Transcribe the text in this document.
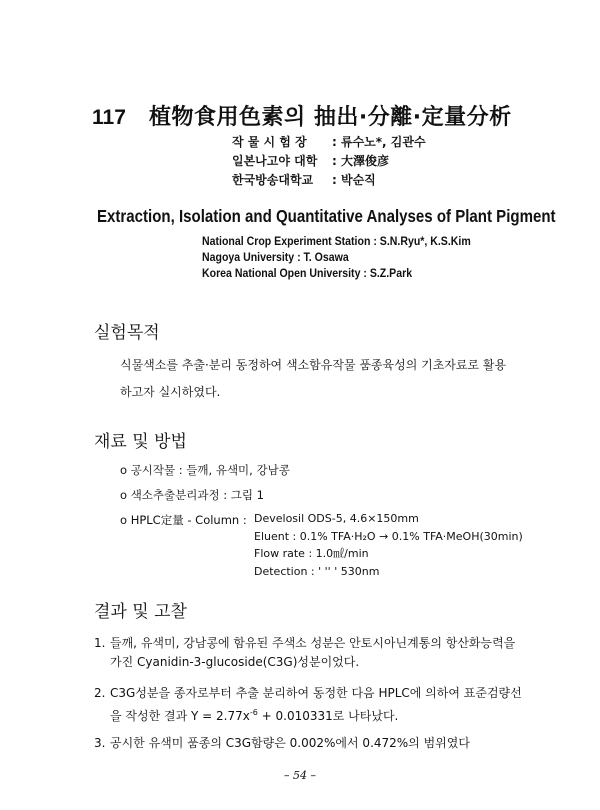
117 植物食用色素의 抽出·分離·定量分析
작 물 시 험 장	: 류수노*, 김관수
일본나고야 대학	: 大澤俊彦
한국방송대학교	: 박순직
Extraction, Isolation and Quantitative Analyses of Plant Pigment
National Crop Experiment Station : S.N.Ryu*, K.S.Kim
Nagoya University : T. Osawa
Korea National Open University : S.Z.Park
실험목적
식물색소를 추출·분리 동정하여 색소함유작물 품종육성의 기초자료로 활용
하고자 실시하였다.
재료 및 방법
o 공시작물 : 들깨, 유색미, 강남콩
o 색소추출분리과정 : 그림 1
o HPLC定量 - Column : Develosil ODS-5, 4.6×150mm
Eluent : 0.1% TFA·H₂O → 0.1% TFA·MeOH(30min)
Flow rate : 1.0㎖/min
Detection : ' '' ' 530nm
결과 및 고찰
1. 들깨, 유색미, 강남콩에 함유된 주색소 성분은 안토시아닌계통의 항산화능력을
가진 Cyanidin-3-glucoside(C3G)성분이었다.
2. C3G성분을 종자로부터 추출 분리하여 동정한 다음 HPLC에 의하여 표준검량선
을 작성한 결과 $Y = 2.77x^{-6} + 0.010331$로 나타났다.
3. 공시한 유색미 품종의 C3G함량은 0.002%에서 0.472%의 범위였다
– 54 –
